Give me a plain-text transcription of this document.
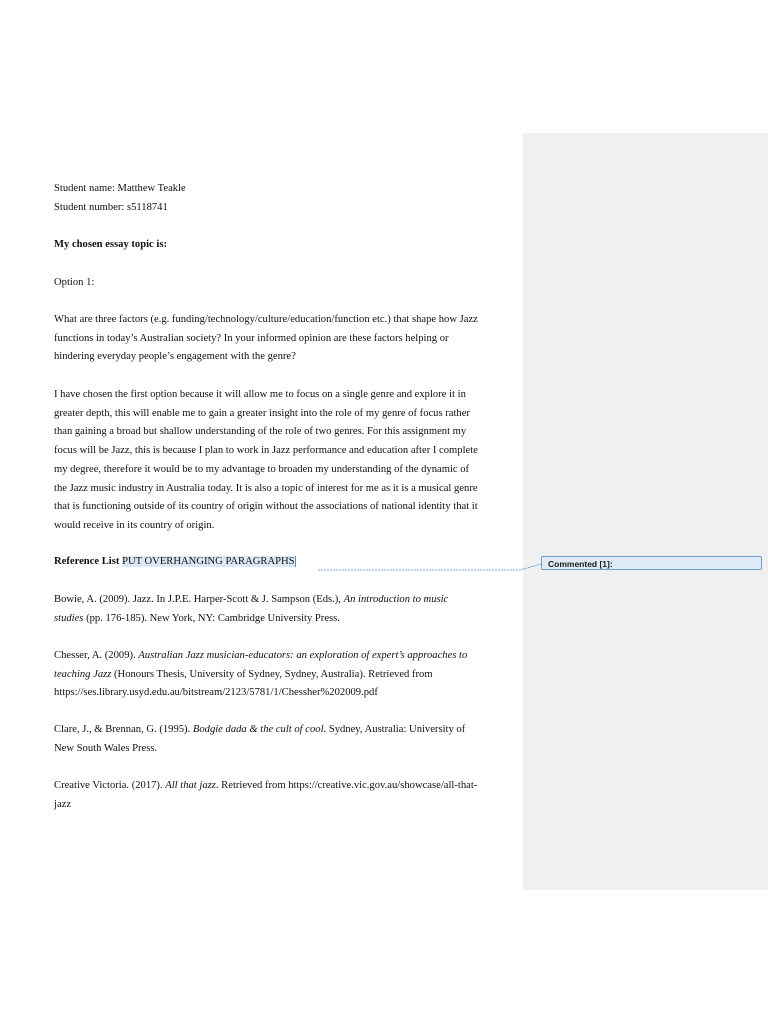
Student name: Matthew Teakle
Student number: s5118741
My chosen essay topic is:
Option 1:
What are three factors (e.g. funding/technology/culture/education/function etc.) that shape how Jazz
functions in today’s Australian society? In your informed opinion are these factors helping or
hindering everyday people’s engagement with the genre?
I have chosen the first option because it will allow me to focus on a single genre and explore it in
greater depth, this will enable me to gain a greater insight into the role of my genre of focus rather
than gaining a broad but shallow understanding of the role of two genres. For this assignment my
focus will be Jazz, this is because I plan to work in Jazz performance and education after I complete
my degree, therefore it would be to my advantage to broaden my understanding of the dynamic of
the Jazz music industry in Australia today. It is also a topic of interest for me as it is a musical genre
that is functioning outside of its country of origin without the associations of national identity that it
would receive in its country of origin.
Reference List PUT OVERHANGING PARAGRAPHS	Commented [1]:
Bowie, A. (2009). Jazz. In J.P.E. Harper-Scott & J. Sampson (Eds.), An introduction to music
studies (pp. 176-185). New York, NY: Cambridge University Press.
Chesser, A. (2009). Australian Jazz musician-educators: an exploration of expert’s approaches to
teaching Jazz (Honours Thesis, University of Sydney, Sydney, Australia). Retrieved from
https://ses.library.usyd.edu.au/bitstream/2123/5781/1/Chessher%202009.pdf
Clare, J., & Brennan, G. (1995). Bodgie dada & the cult of cool. Sydney, Australia: University of
New South Wales Press.
Creative Victoria. (2017). All that jazz. Retrieved from https://creative.vic.gov.au/showcase/all-that-
jazz
